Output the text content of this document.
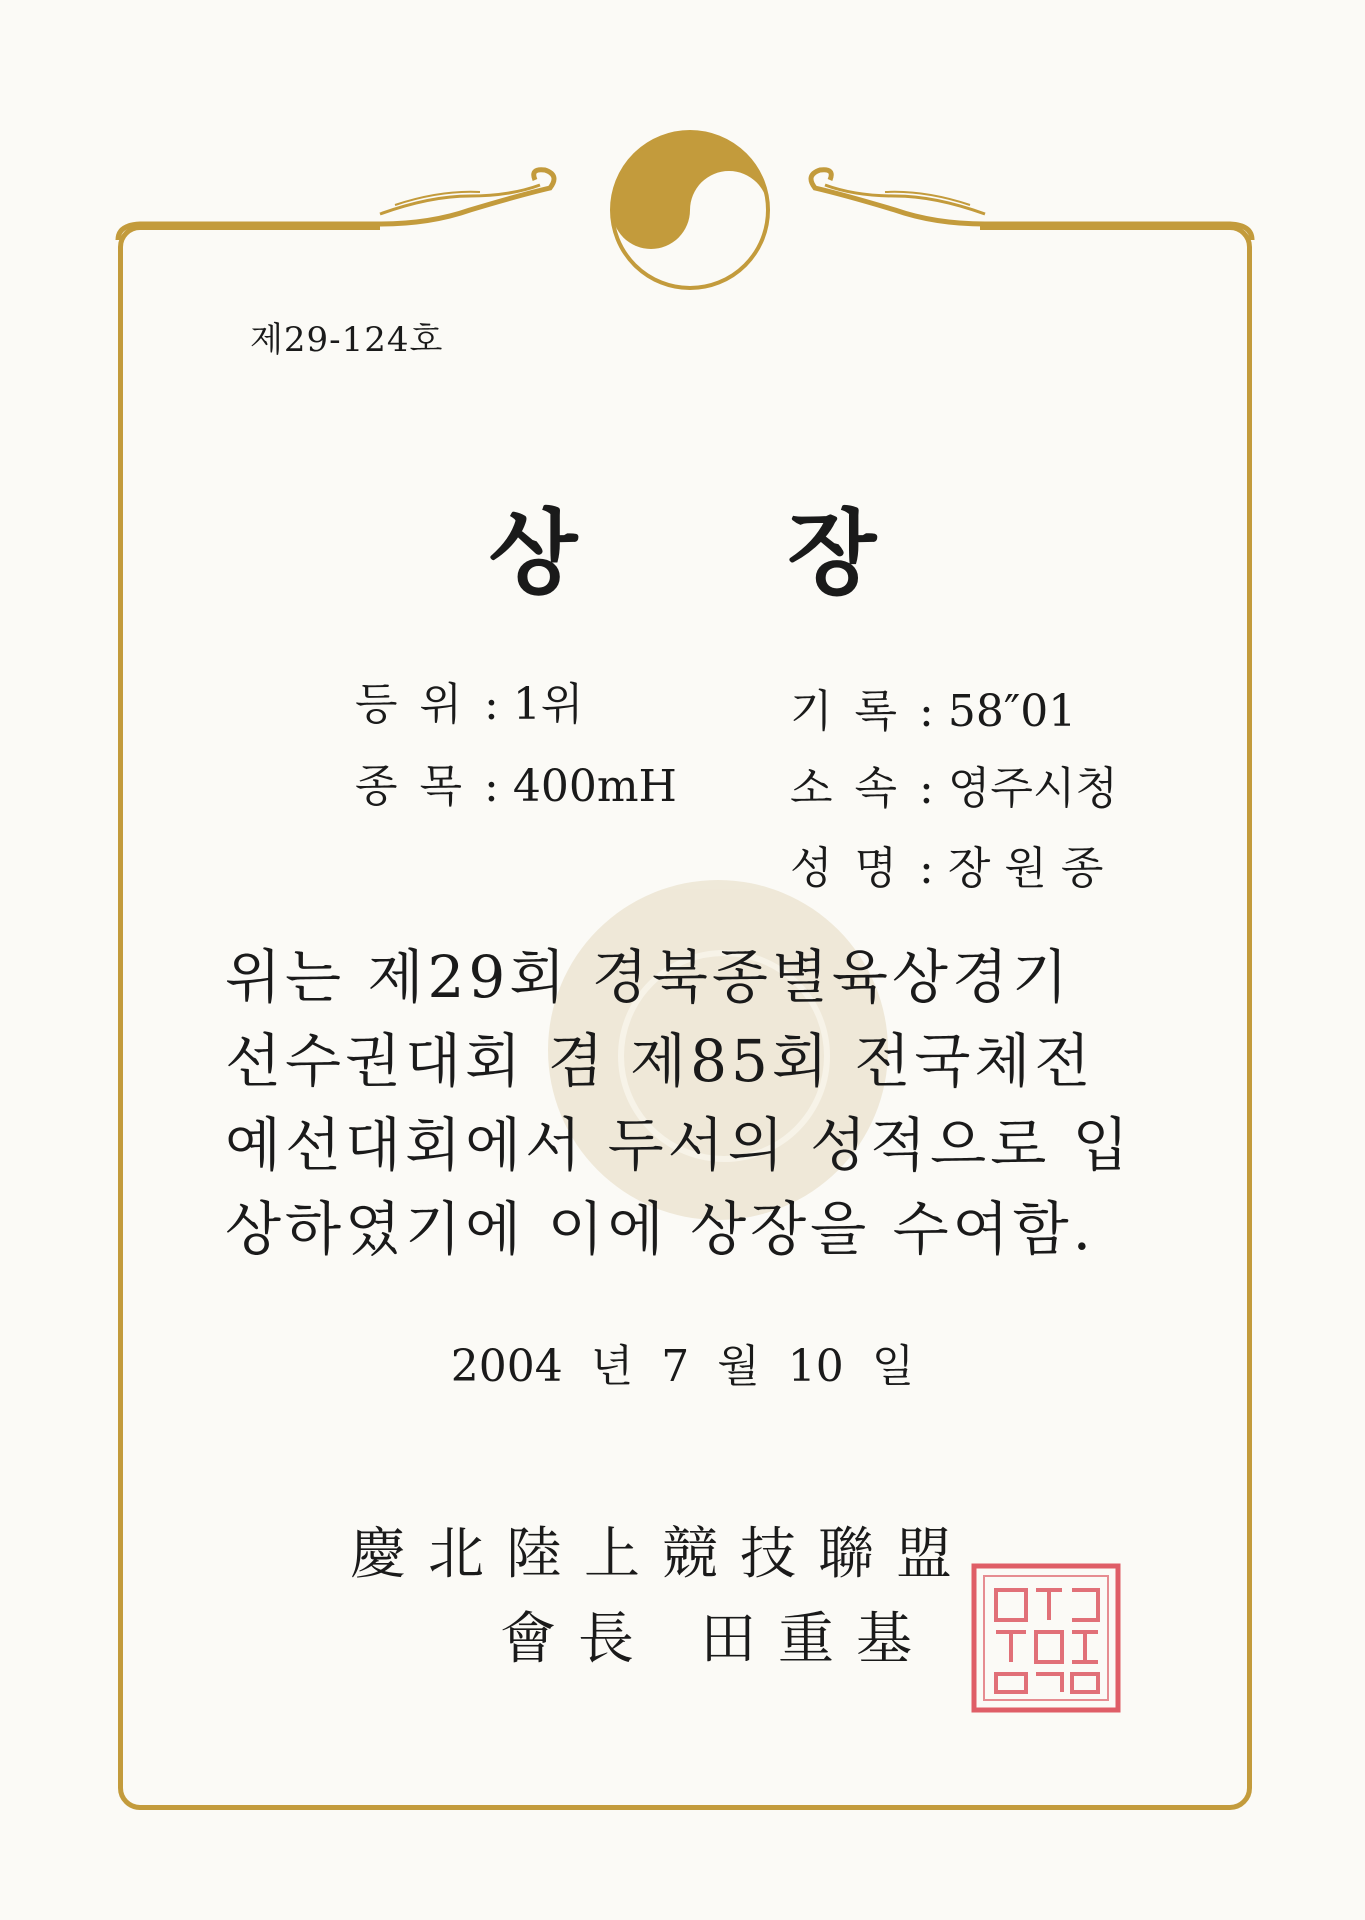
제29-124호
상 장
등위: 1위
종목: 400mH
기록: 58″01
소속: 영주시청
성명: 장 원 종
위는 제29회 경북종별육상경기
선수권대회 겸 제85회 전국체전
예선대회에서 두서의 성적으로 입
상하였기에 이에 상장을 수여함.
2004 년 7 월 10 일
慶北陸上競技聯盟
會長 田重基
